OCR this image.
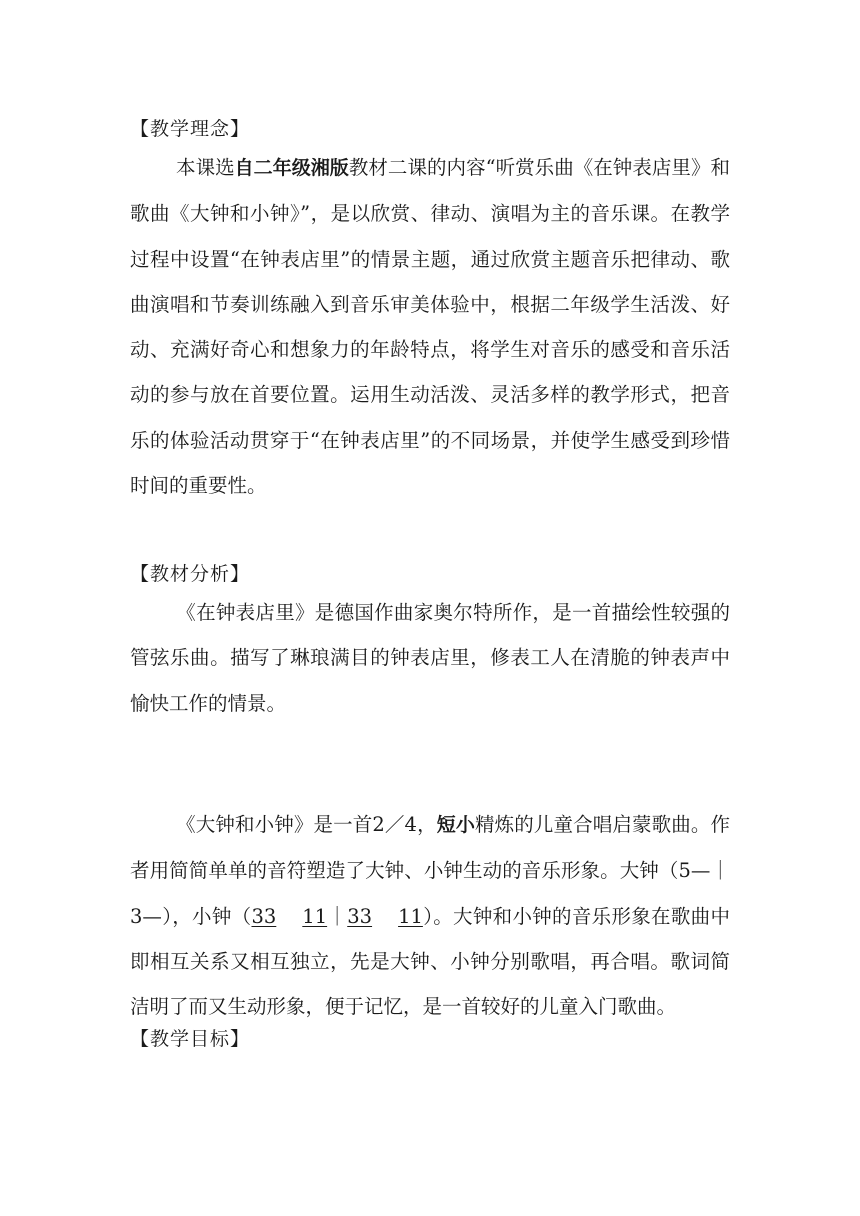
【教学理念】
本课选自二年级湘版教材二课的内容“听赏乐曲《在钟表店里》和歌曲《大钟和小钟》”，是以欣赏、律动、演唱为主的音乐课。在教学过程中设置“在钟表店里”的情景主题，通过欣赏主题音乐把律动、歌曲演唱和节奏训练融入到音乐审美体验中，根据二年级学生活泼、好动、充满好奇心和想象力的年龄特点，将学生对音乐的感受和音乐活动的参与放在首要位置。运用生动活泼、灵活多样的教学形式，把音乐的体验活动贯穿于“在钟表店里”的不同场景，并使学生感受到珍惜时间的重要性。
【教材分析】
《在钟表店里》是德国作曲家奥尔特所作，是一首描绘性较强的管弦乐曲。描写了琳琅满目的钟表店里，修表工人在清脆的钟表声中愉快工作的情景。
《大钟和小钟》是一首2／4，短小精炼的儿童合唱启蒙歌曲。作者用简简单单的音符塑造了大钟、小钟生动的音乐形象。大钟（5—｜3—），小钟（33 11｜33 11）。大钟和小钟的音乐形象在歌曲中即相互关系又相互独立，先是大钟、小钟分别歌唱，再合唱。歌词简洁明了而又生动形象，便于记忆，是一首较好的儿童入门歌曲。
【教学目标】
